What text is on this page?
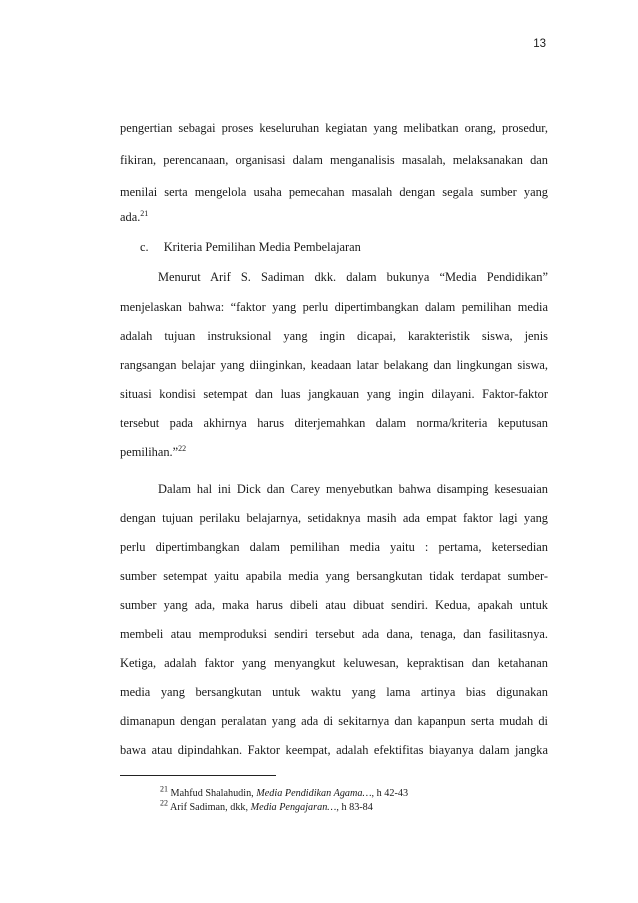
13
pengertian sebagai proses keseluruhan kegiatan yang melibatkan orang, prosedur,
fikiran, perencanaan, organisasi dalam menganalisis masalah, melaksanakan dan
menilai serta mengelola usaha pemecahan masalah dengan segala sumber yang
ada.$^{21}$
c. Kriteria Pemilihan Media Pembelajaran
Menurut Arif S. Sadiman dkk. dalam bukunya “Media Pendidikan”
menjelaskan bahwa: “faktor yang perlu dipertimbangkan dalam pemilihan media
adalah tujuan instruksional yang ingin dicapai, karakteristik siswa, jenis
rangsangan belajar yang diinginkan, keadaan latar belakang dan lingkungan siswa,
situasi kondisi setempat dan luas jangkauan yang ingin dilayani. Faktor-faktor
tersebut pada akhirnya harus diterjemahkan dalam norma/kriteria keputusan
pemilihan.”$^{22}$
Dalam hal ini Dick dan Carey menyebutkan bahwa disamping kesesuaian
dengan tujuan perilaku belajarnya, setidaknya masih ada empat faktor lagi yang
perlu dipertimbangkan dalam pemilihan media yaitu : pertama, ketersedian
sumber setempat yaitu apabila media yang bersangkutan tidak terdapat sumber-
sumber yang ada, maka harus dibeli atau dibuat sendiri. Kedua, apakah untuk
membeli atau memproduksi sendiri tersebut ada dana, tenaga, dan fasilitasnya.
Ketiga, adalah faktor yang menyangkut keluwesan, kepraktisan dan ketahanan
media yang bersangkutan untuk waktu yang lama artinya bias digunakan
dimanapun dengan peralatan yang ada di sekitarnya dan kapanpun serta mudah di
bawa atau dipindahkan. Faktor keempat, adalah efektifitas biayanya dalam jangka
$^{21}$ Mahfud Shalahudin, Media Pendidikan Agama…, h 42-43
$^{22}$ Arif Sadiman, dkk, Media Pengajaran…, h 83-84
